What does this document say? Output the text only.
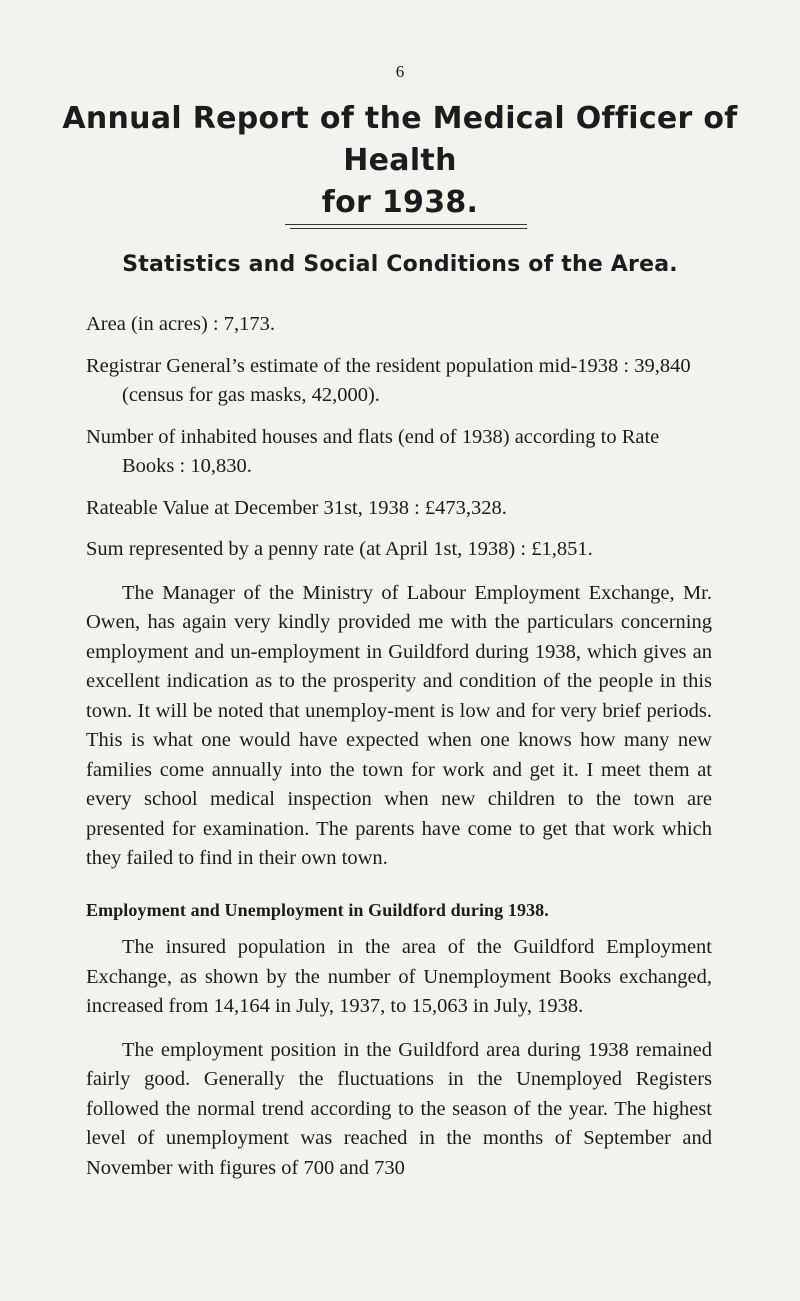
6
Annual Report of the Medical Officer of Health
for 1938.
Statistics and Social Conditions of the Area.

Area (in acres) : 7,173.

Registrar General’s estimate of the resident population mid-1938 : 39,840 (census for gas masks, 42,000).

Number of inhabited houses and flats (end of 1938) according to Rate Books : 10,830.

Rateable Value at December 31st, 1938 : £473,328.

Sum represented by a penny rate (at April 1st, 1938) : £1,851.

The Manager of the Ministry of Labour Employment Exchange, Mr. Owen, has again very kindly provided me with the particulars concerning employment and un-employment in Guildford during 1938, which gives an excellent indication as to the prosperity and condition of the people in this town. It will be noted that unemploy-ment is low and for very brief periods. This is what one would have expected when one knows how many new families come annually into the town for work and get it. I meet them at every school medical inspection when new children to the town are presented for examination. The parents have come to get that work which they failed to find in their own town.

Employment and Unemployment in Guildford during 1938.

The insured population in the area of the Guildford Employment Exchange, as shown by the number of Unemployment Books exchanged, increased from 14,164 in July, 1937, to 15,063 in July, 1938.

The employment position in the Guildford area during 1938 remained fairly good. Generally the fluctuations in the Unemployed Registers followed the normal trend according to the season of the year. The highest level of unemployment was reached in the months of September and November with figures of 700 and 730
